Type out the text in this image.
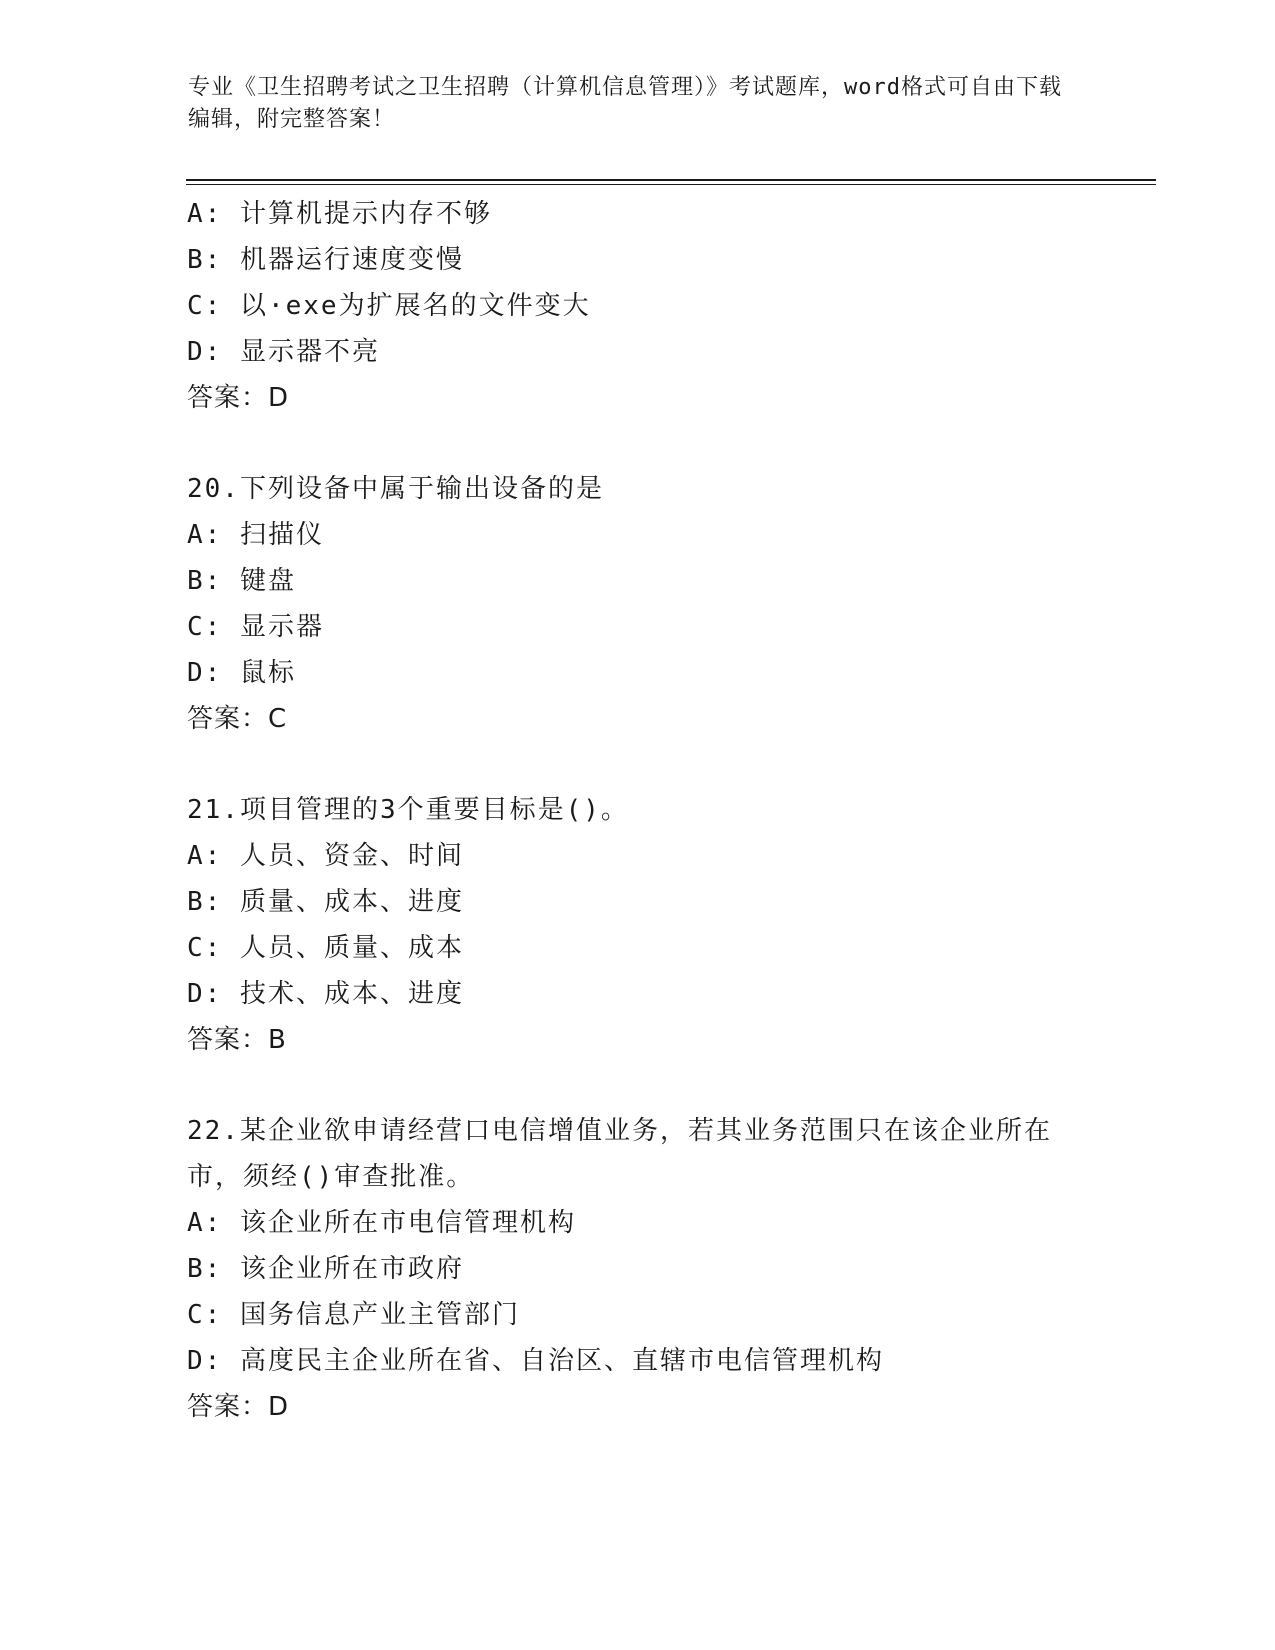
专业《卫生招聘考试之卫生招聘（计算机信息管理）》考试题库，word格式可自由下载编辑，附完整答案！
A: 计算机提示内存不够
B: 机器运行速度变慢
C: 以·exe为扩展名的文件变大
D: 显示器不亮
答案：D
20.下列设备中属于输出设备的是
A: 扫描仪
B: 键盘
C: 显示器
D: 鼠标
答案：C
21.项目管理的3个重要目标是()。
A: 人员、资金、时间
B: 质量、成本、进度
C: 人员、质量、成本
D: 技术、成本、进度
答案：B
22.某企业欲申请经营口电信增值业务，若其业务范围只在该企业所在市，须经()审查批准。
A: 该企业所在市电信管理机构
B: 该企业所在市政府
C: 国务信息产业主管部门
D: 高度民主企业所在省、自治区、直辖市电信管理机构
答案：D
